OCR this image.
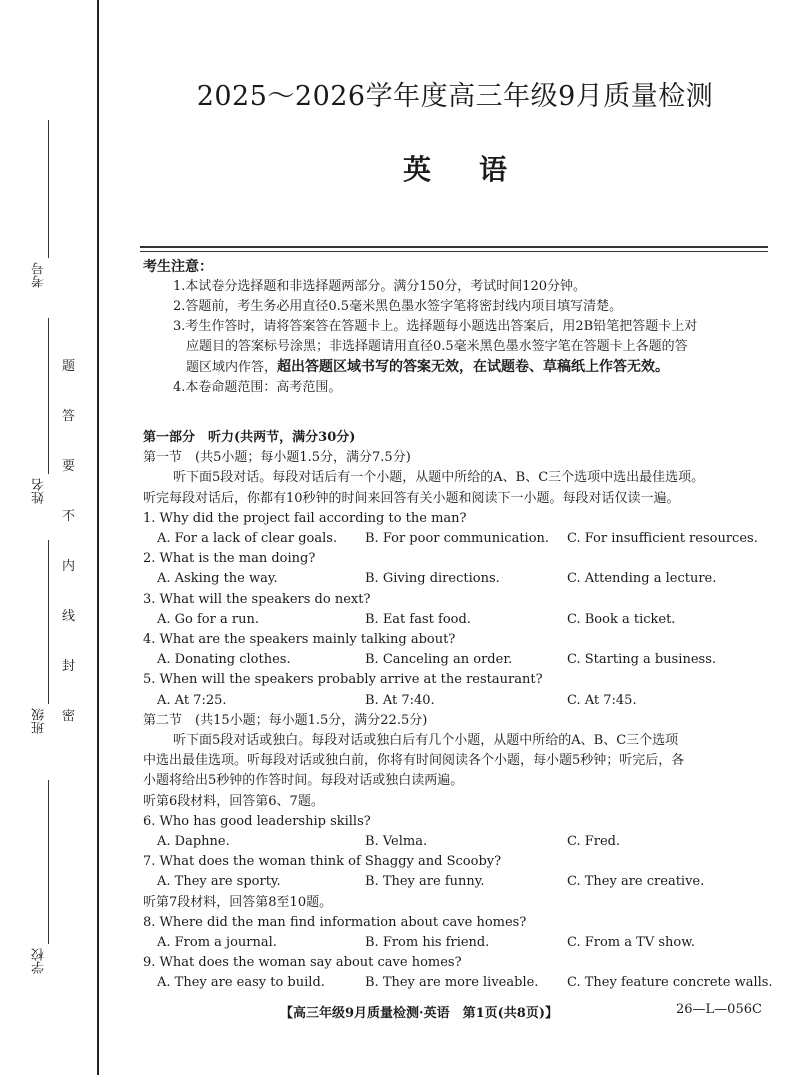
考号
姓名
班级
学校
题
答
要
不
内
线
封
密
2025～2026学年度高三年级9月质量检测
英语
考生注意：
1.本试卷分选择题和非选择题两部分。满分150分，考试时间120分钟。
2.答题前，考生务必用直径0.5毫米黑色墨水签字笔将密封线内项目填写清楚。
3.考生作答时，请将答案答在答题卡上。选择题每小题选出答案后，用2B铅笔把答题卡上对
应题目的答案标号涂黑；非选择题请用直径0.5毫米黑色墨水签字笔在答题卡上各题的答
题区域内作答，超出答题区域书写的答案无效，在试题卷、草稿纸上作答无效。
4.本卷命题范围：高考范围。
第一部分　听力(共两节，满分30分)
第一节　(共5小题；每小题1.5分，满分7.5分)
听下面5段对话。每段对话后有一个小题，从题中所给的A、B、C三个选项中选出最佳选项。
听完每段对话后，你都有10秒钟的时间来回答有关小题和阅读下一小题。每段对话仅读一遍。
1. Why did the project fail according to the man?
A. For a lack of clear goals.	B. For poor communication.	C. For insufficient resources.
2. What is the man doing?
A. Asking the way.	B. Giving directions.	C. Attending a lecture.
3. What will the speakers do next?
A. Go for a run.	B. Eat fast food.	C. Book a ticket.
4. What are the speakers mainly talking about?
A. Donating clothes.	B. Canceling an order.	C. Starting a business.
5. When will the speakers probably arrive at the restaurant?
A. At 7:25.	B. At 7:40.	C. At 7:45.
第二节　(共15小题；每小题1.5分，满分22.5分)
听下面5段对话或独白。每段对话或独白后有几个小题，从题中所给的A、B、C三个选项
中选出最佳选项。听每段对话或独白前，你将有时间阅读各个小题，每小题5秒钟；听完后，各
小题将给出5秒钟的作答时间。每段对话或独白读两遍。
听第6段材料，回答第6、7题。
6. Who has good leadership skills?
A. Daphne.	B. Velma.	C. Fred.
7. What does the woman think of Shaggy and Scooby?
A. They are sporty.	B. They are funny.	C. They are creative.
听第7段材料，回答第8至10题。
8. Where did the man find information about cave homes?
A. From a journal.	B. From his friend.	C. From a TV show.
9. What does the woman say about cave homes?
A. They are easy to build.	B. They are more liveable.	C. They feature concrete walls.
【高三年级9月质量检测·英语　第1页(共8页)】	26—L—056C
